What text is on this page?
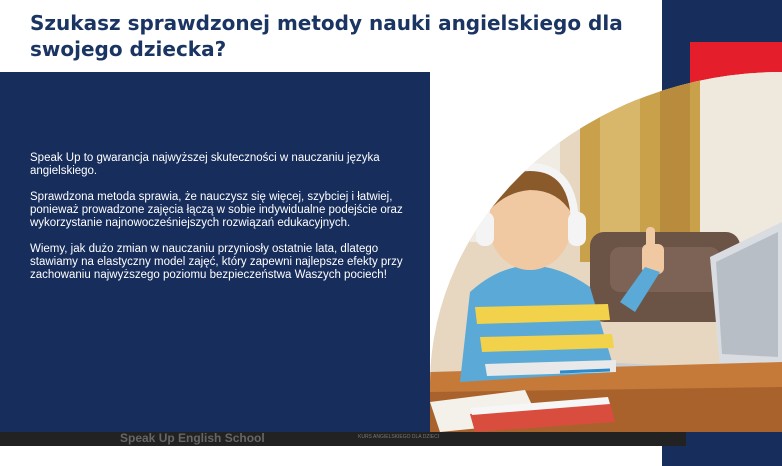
Szukasz sprawdzonej metody nauki angielskiego dla swojego dziecka?

Speak Up to gwarancja najwyższej skuteczności w nauczaniu języka angielskiego.

Sprawdzona metoda sprawia, że nauczysz się więcej, szybciej i łatwiej, ponieważ prowadzone zajęcia łączą w sobie indywidualne podejście oraz wykorzystanie najnowocześniejszych rozwiązań edukacyjnych.

Wiemy, jak dużo zmian w nauczaniu przyniosły ostatnie lata, dlatego stawiamy na elastyczny model zajęć, który zapewni najlepsze efekty przy zachowaniu najwyższego poziomu bezpieczeństwa Waszych pociech!

Speak Up English School	KURS ANGIELSKIEGO DLA DZIECI
